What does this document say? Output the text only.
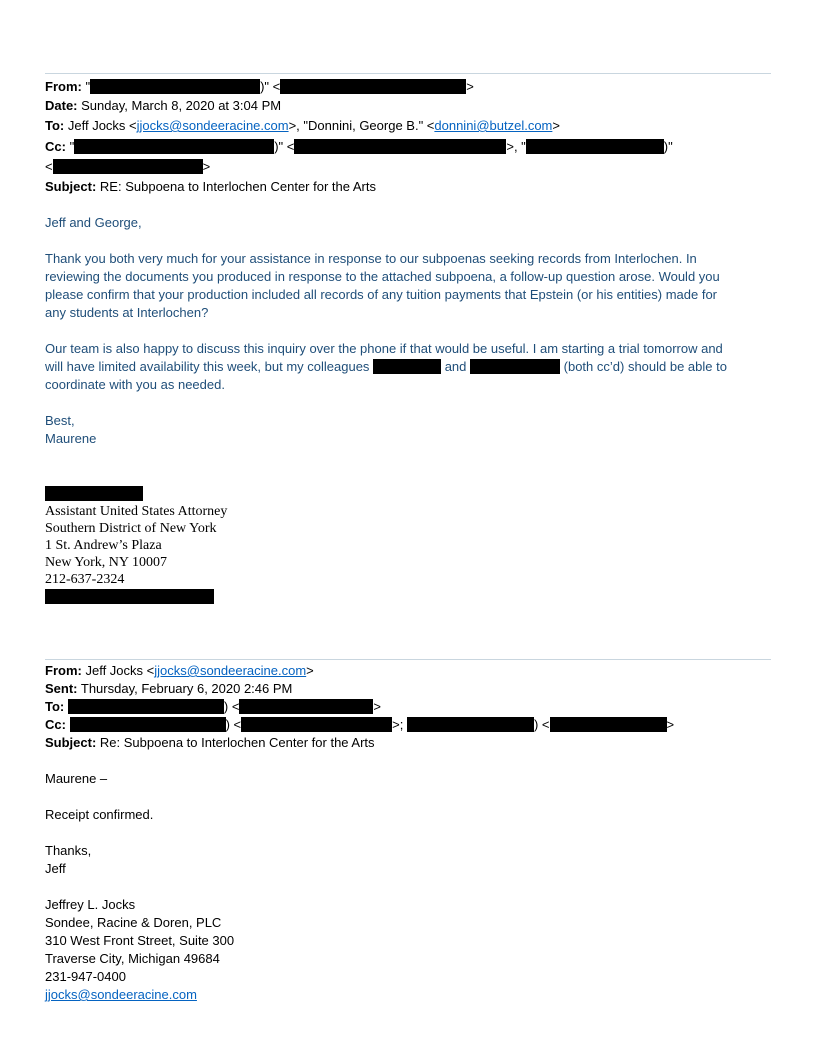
From: "	)" <	>
Date: Sunday, March 8, 2020 at 3:04 PM
To: Jeff Jocks <jjocks@sondeeracine.com>, "Donnini, George B." <donnini@butzel.com>
Cc: "	)" <	>, "	)"
<	>
Subject: RE: Subpoena to Interlochen Center for the Arts
Jeff and George,
Thank you both very much for your assistance in response to our subpoenas seeking records from Interlochen. In
reviewing the documents you produced in response to the attached subpoena, a follow-up question arose. Would you
please confirm that your production included all records of any tuition payments that Epstein (or his entities) made for
any students at Interlochen?
Our team is also happy to discuss this inquiry over the phone if that would be useful. I am starting a trial tomorrow and
will have limited availability this week, but my colleagues	and	(both cc’d) should be able to
coordinate with you as needed.
Best,
Maurene
Assistant United States Attorney
Southern District of New York
1 St. Andrew’s Plaza
New York, NY 10007
212-637-2324
From: Jeff Jocks <jjocks@sondeeracine.com>
Sent: Thursday, February 6, 2020 2:46 PM
To:	) <	>
Cc:	) <	>;	) <	>
Subject: Re: Subpoena to Interlochen Center for the Arts
Maurene –
Receipt confirmed.
Thanks,
Jeff
Jeffrey L. Jocks
Sondee, Racine & Doren, PLC
310 West Front Street, Suite 300
Traverse City, Michigan 49684
231-947-0400
jjocks@sondeeracine.com
